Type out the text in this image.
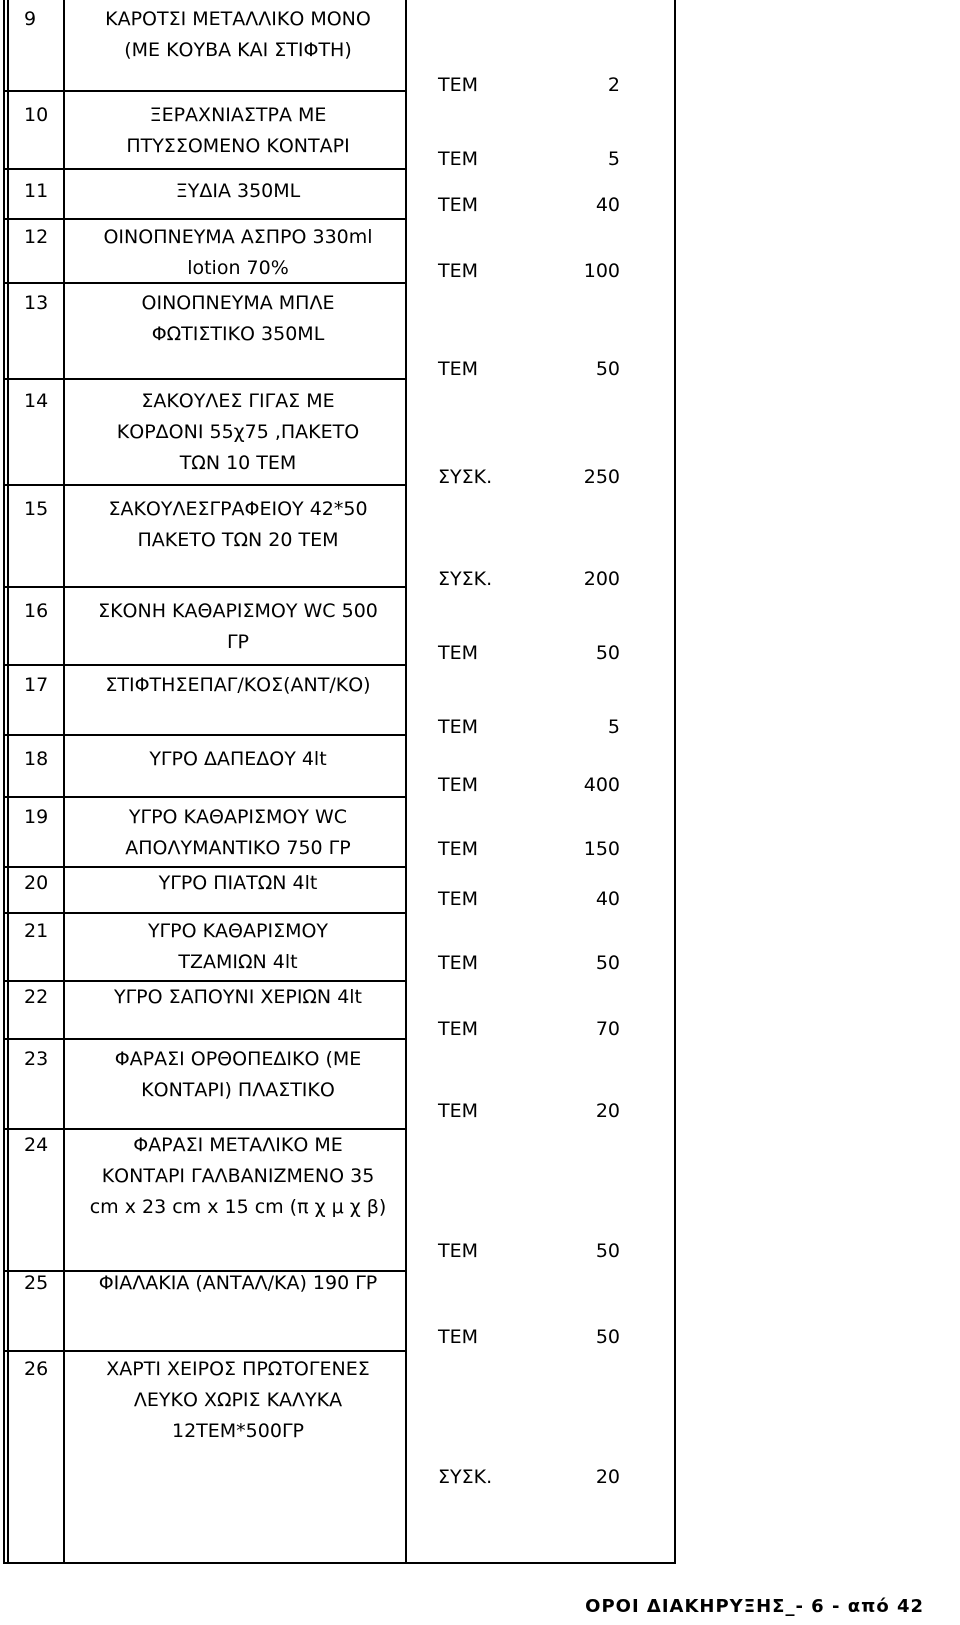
9	ΚΑΡΟΤΣΙ ΜΕΤΑΛΛΙΚΟ ΜΟΝΟ
(ΜΕ ΚΟΥΒΑ ΚΑΙ ΣΤΙΦΤΗ)
ΤΕΜ	2
10	ΞΕΡΑΧΝΙΑΣΤΡΑ ΜΕ
ΠΤΥΣΣΟΜΕΝΟ ΚΟΝΤΑΡΙ
ΤΕΜ	5
11	ΞΥΔΙΑ 350ML
ΤΕΜ	40
12	ΟΙΝΟΠΝΕΥΜΑ ΑΣΠΡΟ 330ml
lotion 70%	ΤΕΜ	100
13	ΟΙΝΟΠΝΕΥΜΑ ΜΠΛΕ
ΦΩΤΙΣΤΙΚΟ 350ML
ΤΕΜ	50
14	ΣΑΚΟΥΛΕΣ ΓΙΓΑΣ ΜΕ
ΚΟΡΔΟΝΙ 55χ75 ,ΠΑΚΕΤΟ
ΤΩΝ 10 ΤΕΜ
ΣΥΣΚ.	250
15	ΣΑΚΟΥΛΕΣΓΡΑΦΕΙΟΥ 42*50
ΠΑΚΕΤΟ ΤΩΝ 20 ΤΕΜ
ΣΥΣΚ.	200
16	ΣΚΟΝΗ ΚΑΘΑΡΙΣΜΟΥ WC 500
ΓΡ	ΤΕΜ	50
17	ΣΤΙΦΤΗΣΕΠΑΓ/ΚΟΣ(ΑΝΤ/ΚΟ)
ΤΕΜ	5
18	ΥΓΡΟ ΔΑΠΕΔΟΥ 4lt
ΤΕΜ	400
19	ΥΓΡΟ ΚΑΘΑΡΙΣΜΟΥ WC
ΑΠΟΛΥΜΑΝΤΙΚΟ 750 ΓΡ	ΤΕΜ	150
20	ΥΓΡΟ ΠΙΑΤΩΝ 4lt
ΤΕΜ	40
21	ΥΓΡΟ ΚΑΘΑΡΙΣΜΟΥ
ΤΖΑΜΙΩΝ 4lt	ΤΕΜ	50
22	ΥΓΡΟ ΣΑΠΟΥΝΙ ΧΕΡΙΩΝ 4lt
ΤΕΜ	70
23	ΦΑΡΑΣΙ ΟΡΘΟΠΕΔΙΚΟ (ΜΕ
ΚΟΝΤΑΡΙ) ΠΛΑΣΤΙΚΟ
ΤΕΜ	20
24	ΦΑΡΑΣΙ ΜΕΤΑΛΙΚΟ ΜΕ
ΚΟΝΤΑΡΙ ΓΑΛΒΑΝΙΖΜΕΝΟ 35
cm x 23 cm x 15 cm (π χ μ χ β)
ΤΕΜ	50
25	ΦΙΑΛΑΚΙΑ (ΑΝΤΑΛ/ΚΑ) 190 ΓΡ
ΤΕΜ	50
26	ΧΑΡΤΙ ΧΕΙΡΟΣ ΠΡΩΤΟΓΕΝΕΣ
ΛΕΥΚΟ ΧΩΡΙΣ ΚΑΛΥΚΑ
12ΤΕΜ*500ΓΡ
ΣΥΣΚ.	20
ΟΡΟΙ ΔΙΑΚΗΡΥΞΗΣ_- 6 - από 42
